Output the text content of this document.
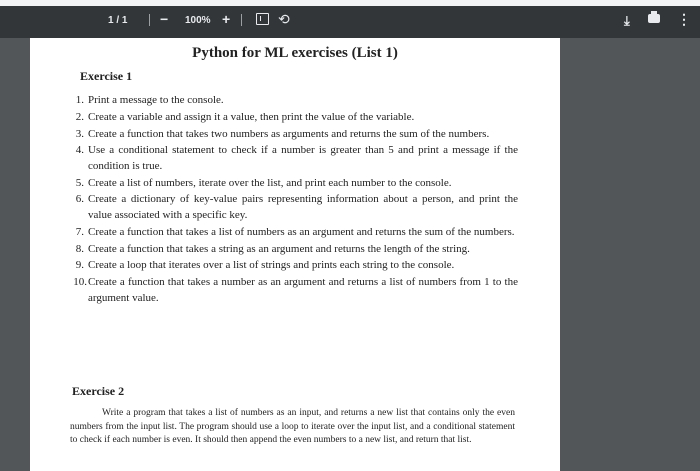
1 / 1 − 100% +	⟲	⤓	⋮
Python for ML exercises (List 1)
Exercise 1
1. Print a message to the console.
2. Create a variable and assign it a value, then print the value of the variable.
3. Create a function that takes two numbers as arguments and returns the sum of the numbers.
4. Use a conditional statement to check if a number is greater than 5 and print a message if the condition is true.
5. Create a list of numbers, iterate over the list, and print each number to the console.
6. Create a dictionary of key-value pairs representing information about a person, and print the value associated with a specific key.
7. Create a function that takes a list of numbers as an argument and returns the sum of the numbers.
8. Create a function that takes a string as an argument and returns the length of the string.
9. Create a loop that iterates over a list of strings and prints each string to the console.
10. Create a function that takes a number as an argument and returns a list of numbers from 1 to the argument value.
Exercise 2
Write a program that takes a list of numbers as an input, and returns a new list that contains only the even numbers from the input list. The program should use a loop to iterate over the input list, and a conditional statement to check if each number is even. It should then append the even numbers to a new list, and return that list.
